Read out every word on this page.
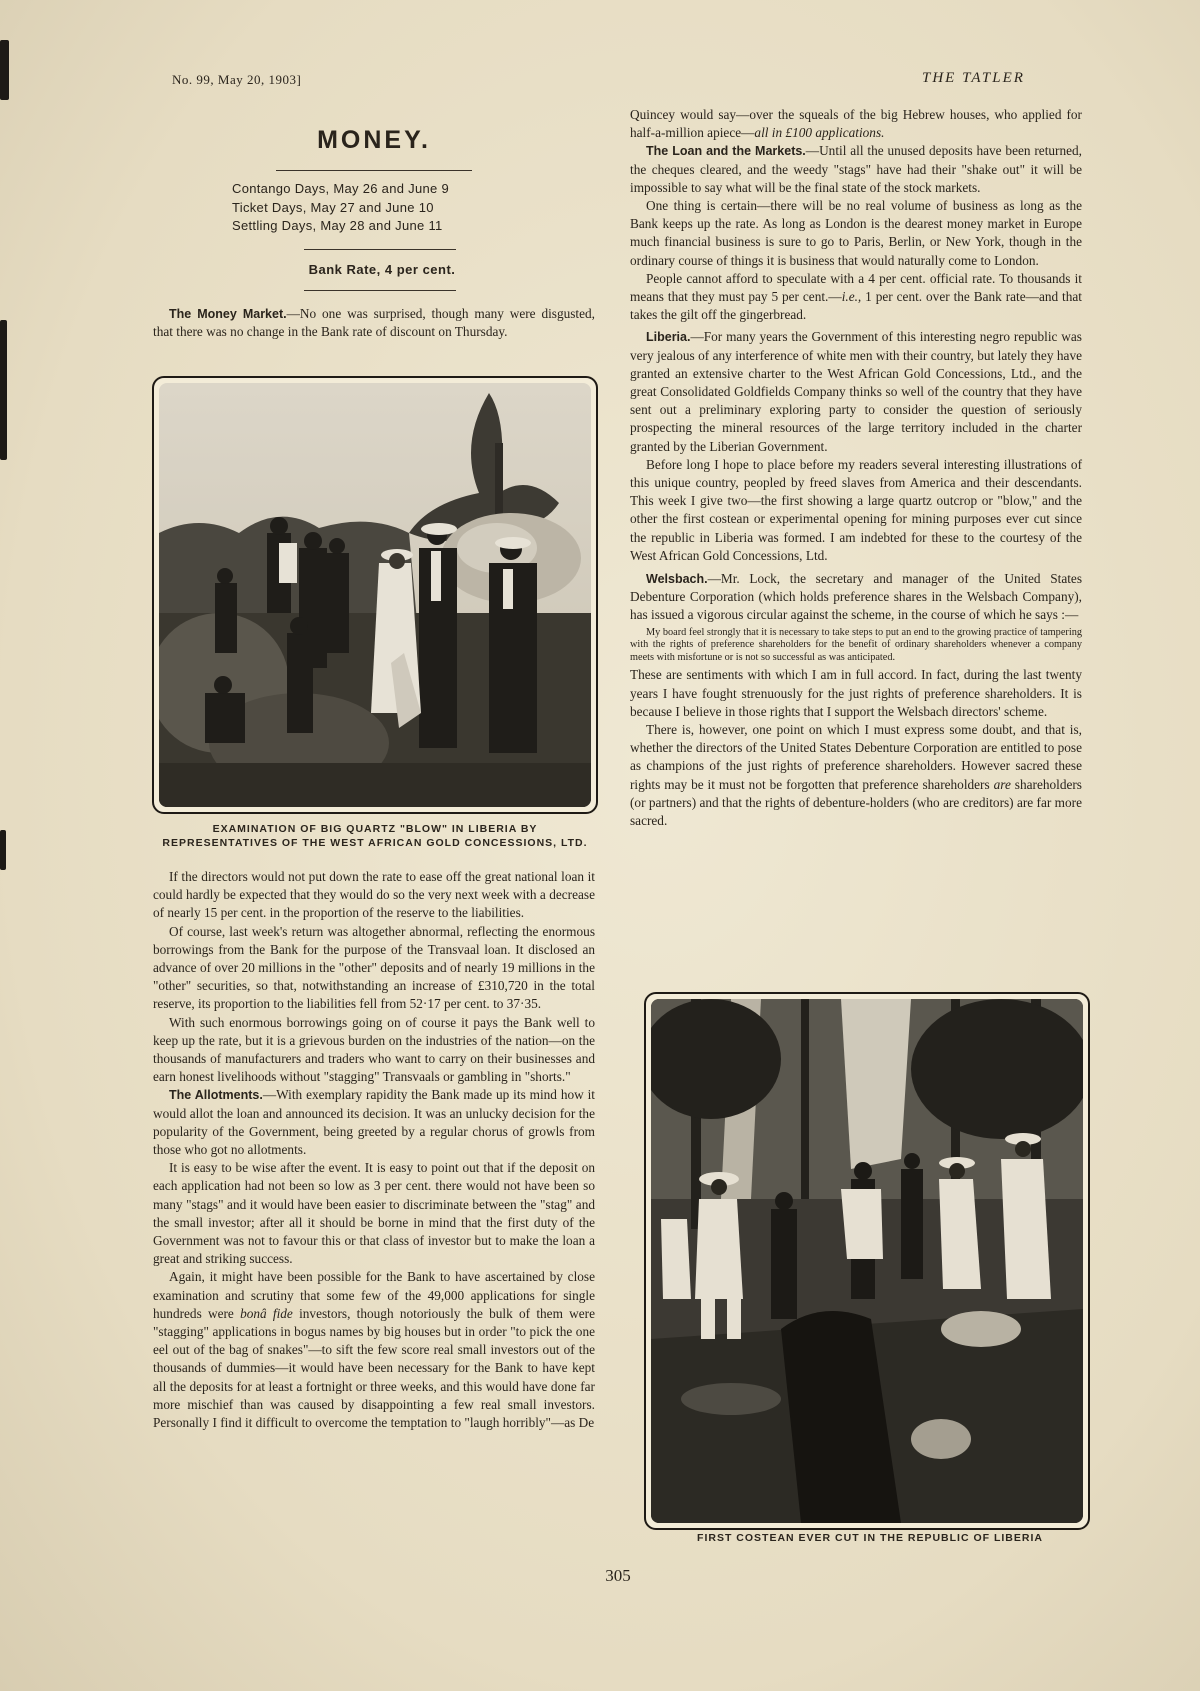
No. 99, May 20, 1903]	THE TATLER
MONEY.
Contango Days, May 26 and June 9
Ticket Days, May 27 and June 10
Settling Days, May 28 and June 11
Bank Rate, 4 per cent.

The Money Market.—No one was surprised, though many were disgusted, that there was no change in the Bank rate of discount on Thursday.

EXAMINATION OF BIG QUARTZ "BLOW" IN LIBERIA BY REPRESENTATIVES OF THE WEST AFRICAN GOLD CONCESSIONS, LTD.

If the directors would not put down the rate to ease off the great national loan it could hardly be expected that they would do so the very next week with a decrease of nearly 15 per cent. in the proportion of the reserve to the liabilities.

Of course, last week's return was altogether abnormal, reflecting the enormous borrowings from the Bank for the purpose of the Transvaal loan. It disclosed an advance of over 20 millions in the "other" deposits and of nearly 19 millions in the "other" securities, so that, notwithstanding an increase of £310,720 in the total reserve, its proportion to the liabilities fell from 52·17 per cent. to 37·35.

With such enormous borrowings going on of course it pays the Bank well to keep up the rate, but it is a grievous burden on the industries of the nation—on the thousands of manufacturers and traders who want to carry on their businesses and earn honest livelihoods without "stagging" Transvaals or gambling in "shorts."

The Allotments.—With exemplary rapidity the Bank made up its mind how it would allot the loan and announced its decision. It was an unlucky decision for the popularity of the Government, being greeted by a regular chorus of growls from those who got no allotments.

It is easy to be wise after the event. It is easy to point out that if the deposit on each application had not been so low as 3 per cent. there would not have been so many "stags" and it would have been easier to discriminate between the "stag" and the small investor; after all it should be borne in mind that the first duty of the Government was not to favour this or that class of investor but to make the loan a great and striking success.

Again, it might have been possible for the Bank to have ascertained by close examination and scrutiny that some few of the 49,000 applications for single hundreds were bonâ fide investors, though notoriously the bulk of them were "stagging" applications in bogus names by big houses but in order "to pick the one eel out of the bag of snakes"—to sift the few score real small investors out of the thousands of dummies—it would have been necessary for the Bank to have kept all the deposits for at least a fortnight or three weeks, and this would have done far more mischief than was caused by disappointing a few real small investors. Personally I find it difficult to overcome the temptation to "laugh horribly"—as De

Quincey would say—over the squeals of the big Hebrew houses, who applied for half-a-million apiece—all in £100 applications.

The Loan and the Markets.—Until all the unused deposits have been returned, the cheques cleared, and the weedy "stags" have had their "shake out" it will be impossible to say what will be the final state of the stock markets.

One thing is certain—there will be no real volume of business as long as the Bank keeps up the rate. As long as London is the dearest money market in Europe much financial business is sure to go to Paris, Berlin, or New York, though in the ordinary course of things it is business that would naturally come to London.

People cannot afford to speculate with a 4 per cent. official rate. To thousands it means that they must pay 5 per cent.—i.e., 1 per cent. over the Bank rate—and that takes the gilt off the gingerbread.

Liberia.—For many years the Government of this interesting negro republic was very jealous of any interference of white men with their country, but lately they have granted an extensive charter to the West African Gold Concessions, Ltd., and the great Consolidated Goldfields Company thinks so well of the country that they have sent out a preliminary exploring party to consider the question of seriously prospecting the mineral resources of the large territory included in the charter granted by the Liberian Government.

Before long I hope to place before my readers several interesting illustrations of this unique country, peopled by freed slaves from America and their descendants. This week I give two—the first showing a large quartz outcrop or "blow," and the other the first costean or experimental opening for mining purposes ever cut since the republic in Liberia was formed. I am indebted for these to the courtesy of the West African Gold Concessions, Ltd.

Welsbach.—Mr. Lock, the secretary and manager of the United States Debenture Corporation (which holds preference shares in the Welsbach Company), has issued a vigorous circular against the scheme, in the course of which he says :—

My board feel strongly that it is necessary to take steps to put an end to the growing practice of tampering with the rights of preference shareholders for the benefit of ordinary shareholders whenever a company meets with misfortune or is not so successful as was anticipated.

These are sentiments with which I am in full accord. In fact, during the last twenty years I have fought strenuously for the just rights of preference shareholders. It is because I believe in those rights that I support the Welsbach directors' scheme.

There is, however, one point on which I must express some doubt, and that is, whether the directors of the United States Debenture Corporation are entitled to pose as champions of the just rights of preference shareholders. However sacred these rights may be it must not be forgotten that preference shareholders are shareholders (or partners) and that the rights of debenture-holders (who are creditors) are far more sacred.

FIRST COSTEAN EVER CUT IN THE REPUBLIC OF LIBERIA
305
